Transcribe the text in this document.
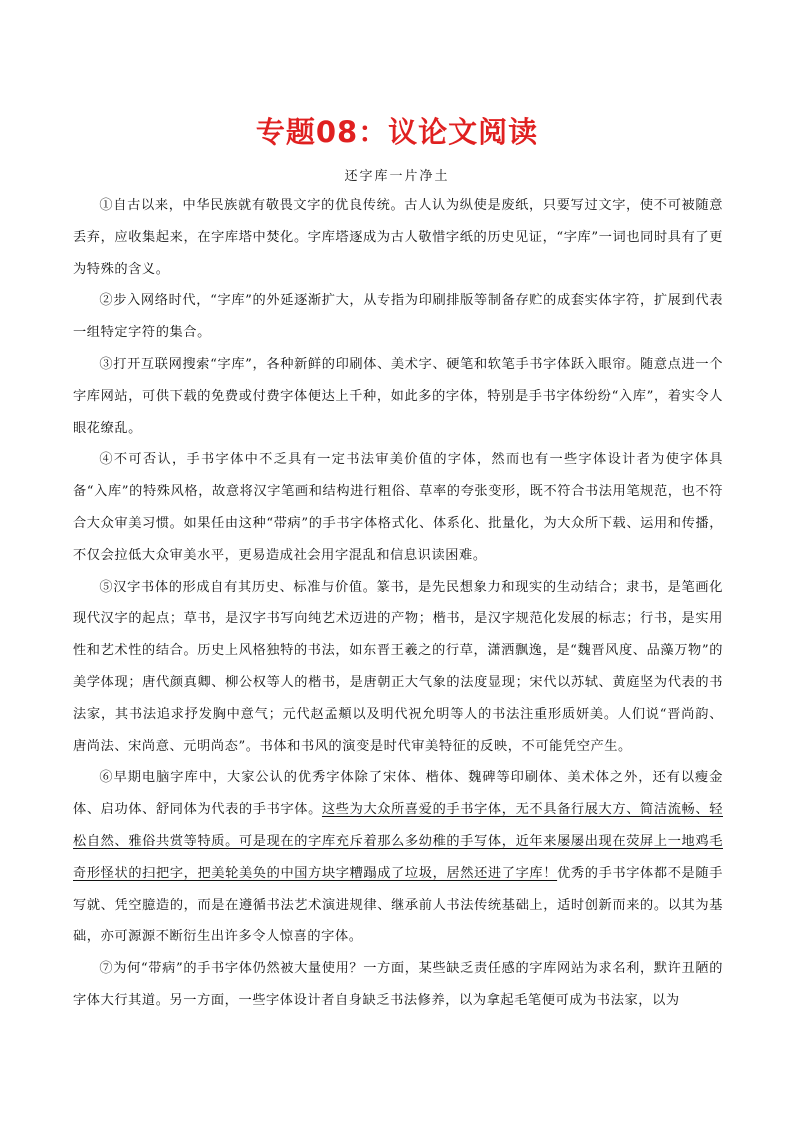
专题08：议论文阅读
还字库一片净土

①自古以来，中华民族就有敬畏文字的优良传统。古人认为纵使是废纸，只要写过文字，使不可被随意丢弃，应收集起来，在字库塔中焚化。字库塔逐成为古人敬惜字纸的历史见证，“字库”一词也同时具有了更为特殊的含义。

②步入网络时代，“字库”的外延逐渐扩大，从专指为印刷排版等制备存贮的成套实体字符，扩展到代表一组特定字符的集合。

③打开互联网搜索“字库”，各种新鲜的印刷体、美术字、硬笔和软笔手书字体跃入眼帘。随意点进一个字库网站，可供下载的免费或付费字体便达上千种，如此多的字体，特别是手书字体纷纷“入库”，着实令人眼花缭乱。

④不可否认，手书字体中不乏具有一定书法审美价值的字体，然而也有一些字体设计者为使字体具备“入库”的特殊风格，故意将汉字笔画和结构进行粗俗、草率的夸张变形，既不符合书法用笔规范，也不符合大众审美习惯。如果任由这种“带病”的手书字体格式化、体系化、批量化，为大众所下载、运用和传播，不仅会拉低大众审美水平，更易造成社会用字混乱和信息识读困难。

⑤汉字书体的形成自有其历史、标准与价值。篆书，是先民想象力和现实的生动结合；隶书，是笔画化现代汉字的起点；草书，是汉字书写向纯艺术迈进的产物；楷书，是汉字规范化发展的标志；行书，是实用性和艺术性的结合。历史上风格独特的书法，如东晋王羲之的行草，潇洒飘逸，是“魏晋风度、品藻万物”的美学体现；唐代颜真卿、柳公权等人的楷书，是唐朝正大气象的法度显现；宋代以苏轼、黄庭坚为代表的书法家，其书法追求抒发胸中意气；元代赵孟頫以及明代祝允明等人的书法注重形质妍美。人们说“晋尚韵、唐尚法、宋尚意、元明尚态”。书体和书风的演变是时代审美特征的反映，不可能凭空产生。

⑥早期电脑字库中，大家公认的优秀字体除了宋体、楷体、魏碑等印刷体、美术体之外，还有以瘦金体、启功体、舒同体为代表的手书字体。这些为大众所喜爱的手书字体，无不具备行展大方、简洁流畅、轻松自然、雅俗共赏等特质。可是现在的字库充斥着那么多幼稚的手写体，近年来屡屡出现在荧屏上一地鸡毛奇形怪状的扫把字，把美轮美奂的中国方块字糟蹋成了垃圾，居然还进了字库！优秀的手书字体都不是随手写就、凭空臆造的，而是在遵循书法艺术演进规律、继承前人书法传统基础上，适时创新而来的。以其为基础，亦可源源不断衍生出许多令人惊喜的字体。

⑦为何“带病”的手书字体仍然被大量使用？一方面，某些缺乏责任感的字库网站为求名利，默许丑陋的字体大行其道。另一方面，一些字体设计者自身缺乏书法修养，以为拿起毛笔便可成为书法家，以为
